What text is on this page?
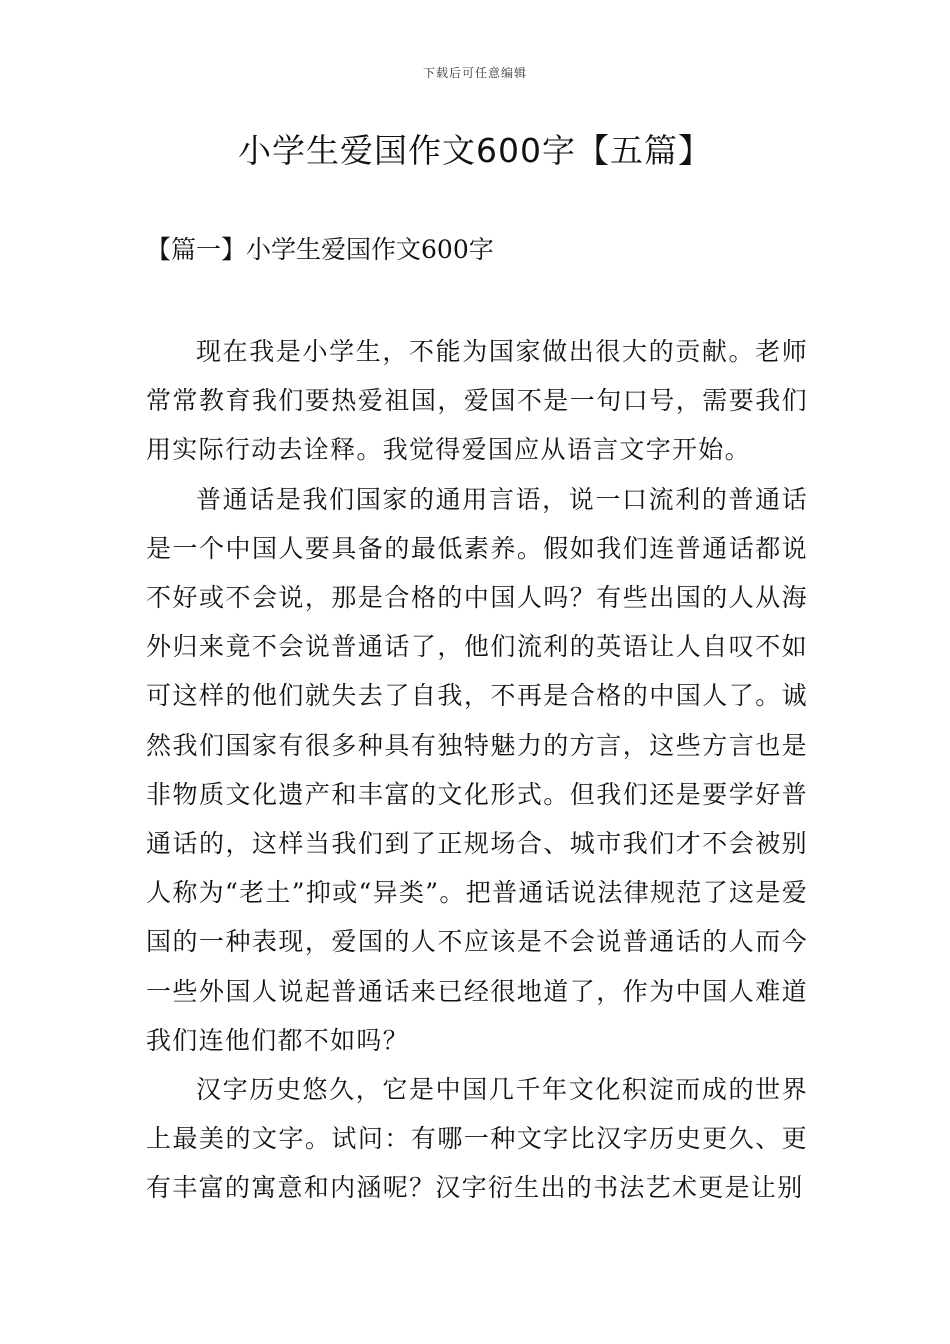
下载后可任意编辑
小学生爱国作文600字【五篇】
【篇一】小学生爱国作文600字

现在我是小学生，不能为国家做出很大的贡献。老师常常教育我们要热爱祖国，爱国不是一句口号，需要我们用实际行动去诠释。我觉得爱国应从语言文字开始。

普通话是我们国家的通用言语，说一口流利的普通话是一个中国人要具备的最低素养。假如我们连普通话都说不好或不会说，那是合格的中国人吗？有些出国的人从海外归来竟不会说普通话了，他们流利的英语让人自叹不如可这样的他们就失去了自我，不再是合格的中国人了。诚然我们国家有很多种具有独特魅力的方言，这些方言也是非物质文化遗产和丰富的文化形式。但我们还是要学好普通话的，这样当我们到了正规场合、城市我们才不会被别人称为“老土”抑或“异类”。把普通话说法律规范了这是爱国的一种表现，爱国的人不应该是不会说普通话的人而今一些外国人说起普通话来已经很地道了，作为中国人难道我们连他们都不如吗？

汉字历史悠久，它是中国几千年文化积淀而成的世界上最美的文字。试问：有哪一种文字比汉字历史更久、更有丰富的寓意和内涵呢？汉字衍生出的书法艺术更是让别
